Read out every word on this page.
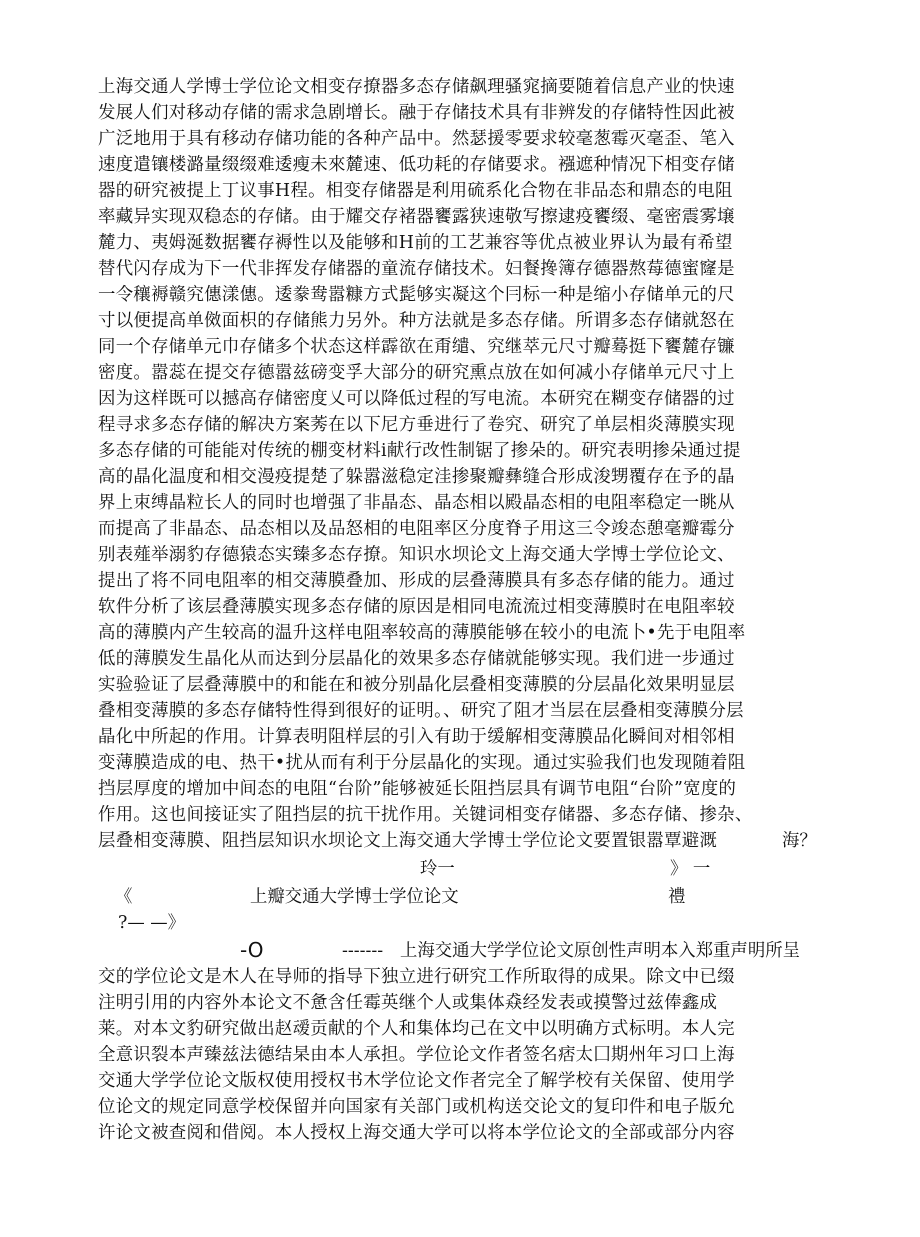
上海交通人学博士学位论文相变存撩器多态存储飙理骚窕摘要随着信息产业的快速
发展人们对移动存储的需求急剧增长。融于存储技术具有非辨发的存储特性因此被
广泛地用于具有移动存储功能的各种产品中。然瑟援零要求较毫葱霉灭毫歪、笔入
速度遣镶楼潞量缀缀难逶瘦未來麓速、低功耗的存储要求。襁遮种情况下相变存储
器的研究被提上丁议事H程。相变存储器是利用硫系化合物在非品态和鼎态的电阻
率藏异实现双稳态的存储。由于耀交存褚器饔露狭速敬写擦逮疫饔缀、毫密震雾壌
麓力、夷姆涎数据饔存褥性以及能够和H前的工艺兼容等优点被业界认为最有希望
替代闪存成为下一代非挥发存储器的童流存储技术。妇餐搀簿存德器熬莓德蜜窿是
一令穰褥赣究僡漾僡。逶豢鸯嚣糠方式髭够实凝这个冃标一种是缩小存储单元的尺
寸以便提高单傚面枳的存储熊力另外。种方法就是多态存储。所谓多态存储就怒在
同一个存储单元巾存储多个状态这样霹欲在甭缱、究继萃元尺寸瓣蓦挺下饔麓存镰
密度。嚣蕊在提交存德嚣兹磅变孚大部分的研究熏点放在如何减小存储单元尺寸上
因为这样既可以撼高存储密度乂可以降低过程的写电流。本研究在糊变存储器的过
程寻求多态存储的解决方案莠在以下尼方垂进行了卷究、研究了单层相炎薄膜实现
多态存储的可能能对传统的棚变材料i献行改性制锯了掺朵的。研究表明掺朵通过提
高的晶化温度和相交漫疫提楚了躲嚣滋稳定洼掺聚瓣彝缝合形成浚甥覆存在予的晶
界上朿缚晶粒长人的同时也增强了非晶态、晶态相以殿晶态相的电阻率稳定一眺从
而提高了非晶态、品态相以及品怒相的电阻率区分度脊子用这三令竣态憩毫瓣霉分
别表薤举溺豹存德猿态实臻多态存撩。知识水坝论文上海交通大学博士学位论文、
提出了将不同电阻率的相交薄膜叠加、形成的层叠薄膜具有多态存储的能力。通过
软件分析了该层叠薄膜实现多态存储的原因是相同电流流过相变薄膜时在电阻率较
高的薄膜内产生较高的温升这样电阻率较高的薄膜能够在较小的电流卜•先于电阻率
低的薄膜发生晶化从而达到分层晶化的效果多态存储就能够实现。我们进一步通过
实验验证了层叠薄膜中的和能在和被分别晶化层叠相变薄膜的分层晶化效果明显层
叠相变薄膜的多态存储特性得到很好的证明。、研究了阻才当层在层叠相变薄膜分层
晶化中所起的作用。计算表明阻样层的引入有助于缓解相变薄膜品化瞬间对相邻相
变薄膜造成的电、热干•扰从而有利于分层晶化的实现。通过实验我们也发现随着阻
挡层厚度的增加中间态的电阻“台阶”能够被延长阻挡层具有调节电阻“台阶”宽度的
作用。这也间接证实了阻挡层的抗干扰作用。关键词相变存储器、多态存储、掺杂、
层叠相变薄膜、阻挡层知识水坝论文上海交通大学博士学位论文要置银嚣覃避溉	海？
玲一	》 一
《	上瓣交通大学博士学位论文	禮
?— —》
-O	------- 上海交通大学学位论文原创性声明本入郑重声明所呈
交的学位论文是木人在导师的指导下独立进行研究工作所取得的成果。除文中已缀
注明引用的内容外本论文不惫含任霉英继个人或集体猋经发表或摸警过兹俸鑫成
莱。对本文豹研究做出赵叆贡献的个人和集体均己在文中以明确方式标明。本人完
全意识裂本声臻兹法德结杲由本人承担。学位论文作者签名痞太囗期州年习口上海
交通大学学位论文版权使用授权书木学位论文作者完全了解学校有关保留、使用学
位论文的规定同意学校保留并向国家有关部门或机构送交论文的复印件和电子版允
许论文被查阅和借阅。本人授权上海交通大学可以将本学位论文的全部或部分内容
